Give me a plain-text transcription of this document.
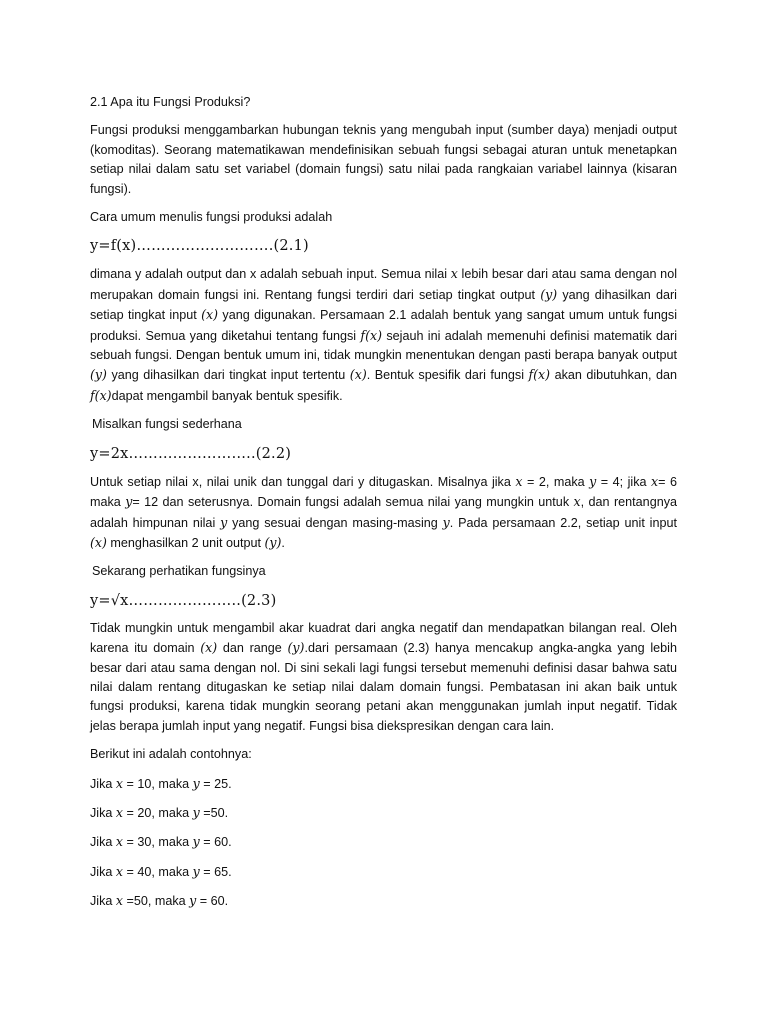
2.1 Apa itu Fungsi Produksi?
Fungsi produksi menggambarkan hubungan teknis yang mengubah input (sumber daya) menjadi output (komoditas). Seorang matematikawan mendefinisikan sebuah fungsi sebagai aturan untuk menetapkan setiap nilai dalam satu set variabel (domain fungsi) satu nilai pada rangkaian variabel lainnya (kisaran fungsi).
Cara umum menulis fungsi produksi adalah
y=f(x)……………………….(2.1)
dimana y adalah output dan x adalah sebuah input. Semua nilai x lebih besar dari atau sama dengan nol merupakan domain fungsi ini. Rentang fungsi terdiri dari setiap tingkat output (y) yang dihasilkan dari setiap tingkat input (x) yang digunakan. Persamaan 2.1 adalah bentuk yang sangat umum untuk fungsi produksi. Semua yang diketahui tentang fungsi f(x) sejauh ini adalah memenuhi definisi matematik dari sebuah fungsi. Dengan bentuk umum ini, tidak mungkin menentukan dengan pasti berapa banyak output (y) yang dihasilkan dari tingkat input tertentu (x). Bentuk spesifik dari fungsi f(x) akan dibutuhkan, dan f(x)dapat mengambil banyak bentuk spesifik.
Misalkan fungsi sederhana
y=2x……………………..(2.2)
Untuk setiap nilai x, nilai unik dan tunggal dari y ditugaskan. Misalnya jika x = 2, maka y = 4; jika x= 6 maka y= 12 dan seterusnya. Domain fungsi adalah semua nilai yang mungkin untuk x, dan rentangnya adalah himpunan nilai y yang sesuai dengan masing-masing y. Pada persamaan 2.2, setiap unit input (x) menghasilkan 2 unit output (y).
Sekarang perhatikan fungsinya
y=√x…………………..(2.3)
Tidak mungkin untuk mengambil akar kuadrat dari angka negatif dan mendapatkan bilangan real. Oleh karena itu domain (x) dan range (y).dari persamaan (2.3) hanya mencakup angka-angka yang lebih besar dari atau sama dengan nol. Di sini sekali lagi fungsi tersebut memenuhi definisi dasar bahwa satu nilai dalam rentang ditugaskan ke setiap nilai dalam domain fungsi. Pembatasan ini akan baik untuk fungsi produksi, karena tidak mungkin seorang petani akan menggunakan jumlah input negatif. Tidak jelas berapa jumlah input yang negatif. Fungsi bisa diekspresikan dengan cara lain.
Berikut ini adalah contohnya:
Jika x = 10, maka y = 25.
Jika x = 20, maka y =50.
Jika x = 30, maka y = 60.
Jika x = 40, maka y = 65.
Jika x =50, maka y = 60.
